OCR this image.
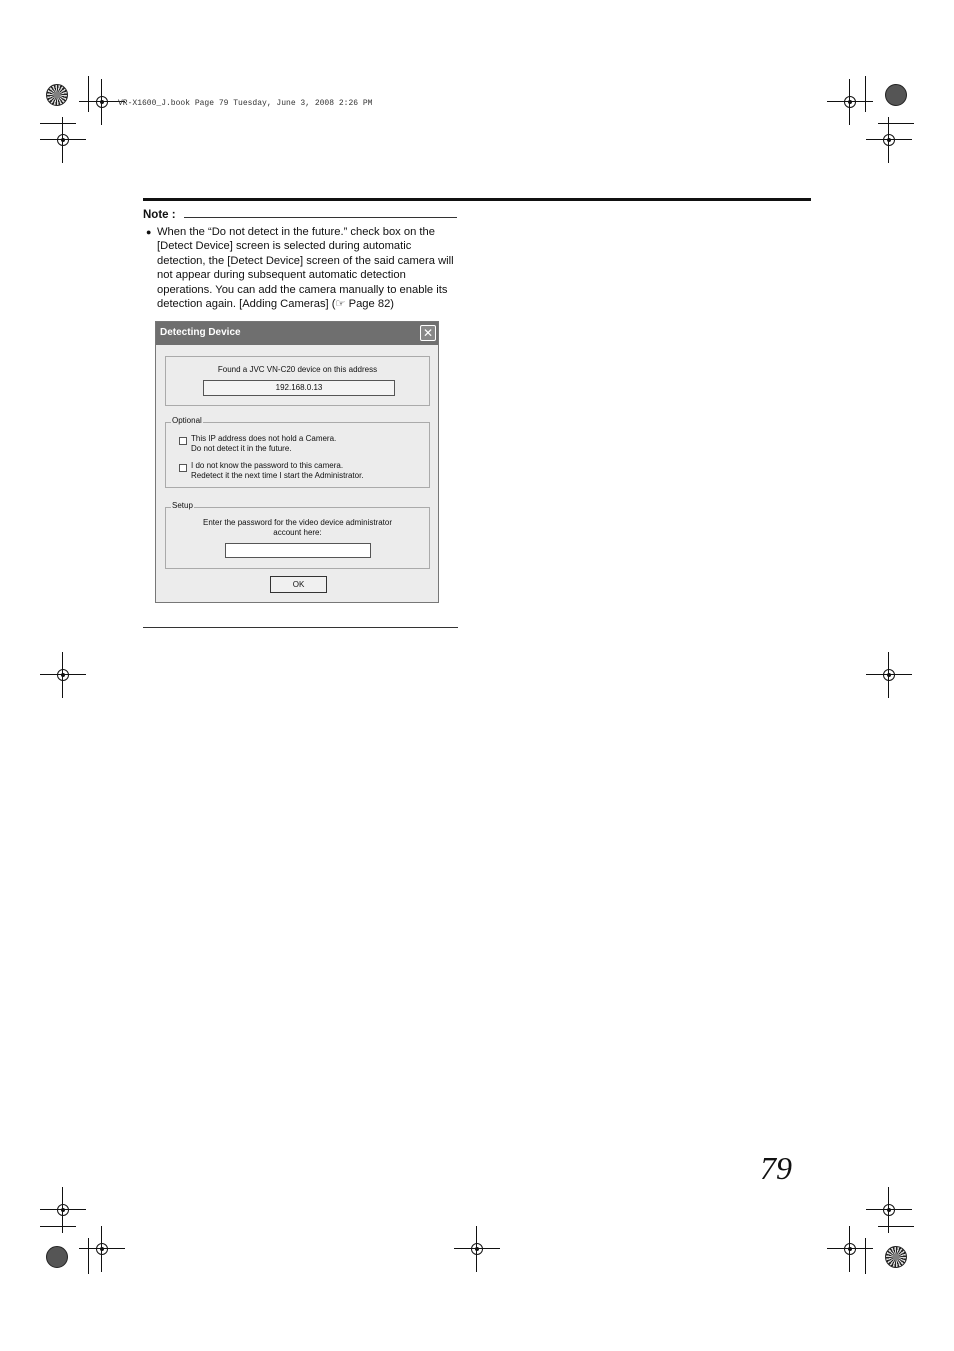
VR-X1600_J.book Page 79 Tuesday, June 3, 2008 2:26 PM
Note :
● When the “Do not detect in the future.” check box on the [Detect Device] screen is selected during automatic detection, the [Detect Device] screen of the said camera will not appear during subsequent automatic detection operations. You can add the camera manually to enable its detection again. [Adding Cameras] (☞ Page 82)
Detecting Device	✕
Found a JVC VN-C20 device on this address
192.168.0.13
Optional
This IP address does not hold a Camera.
Do not detect it in the future.
I do not know the password to this camera.
Redetect it the next time I start the Administrator.
Setup
Enter the password for the video device administrator
account here:
OK
79
